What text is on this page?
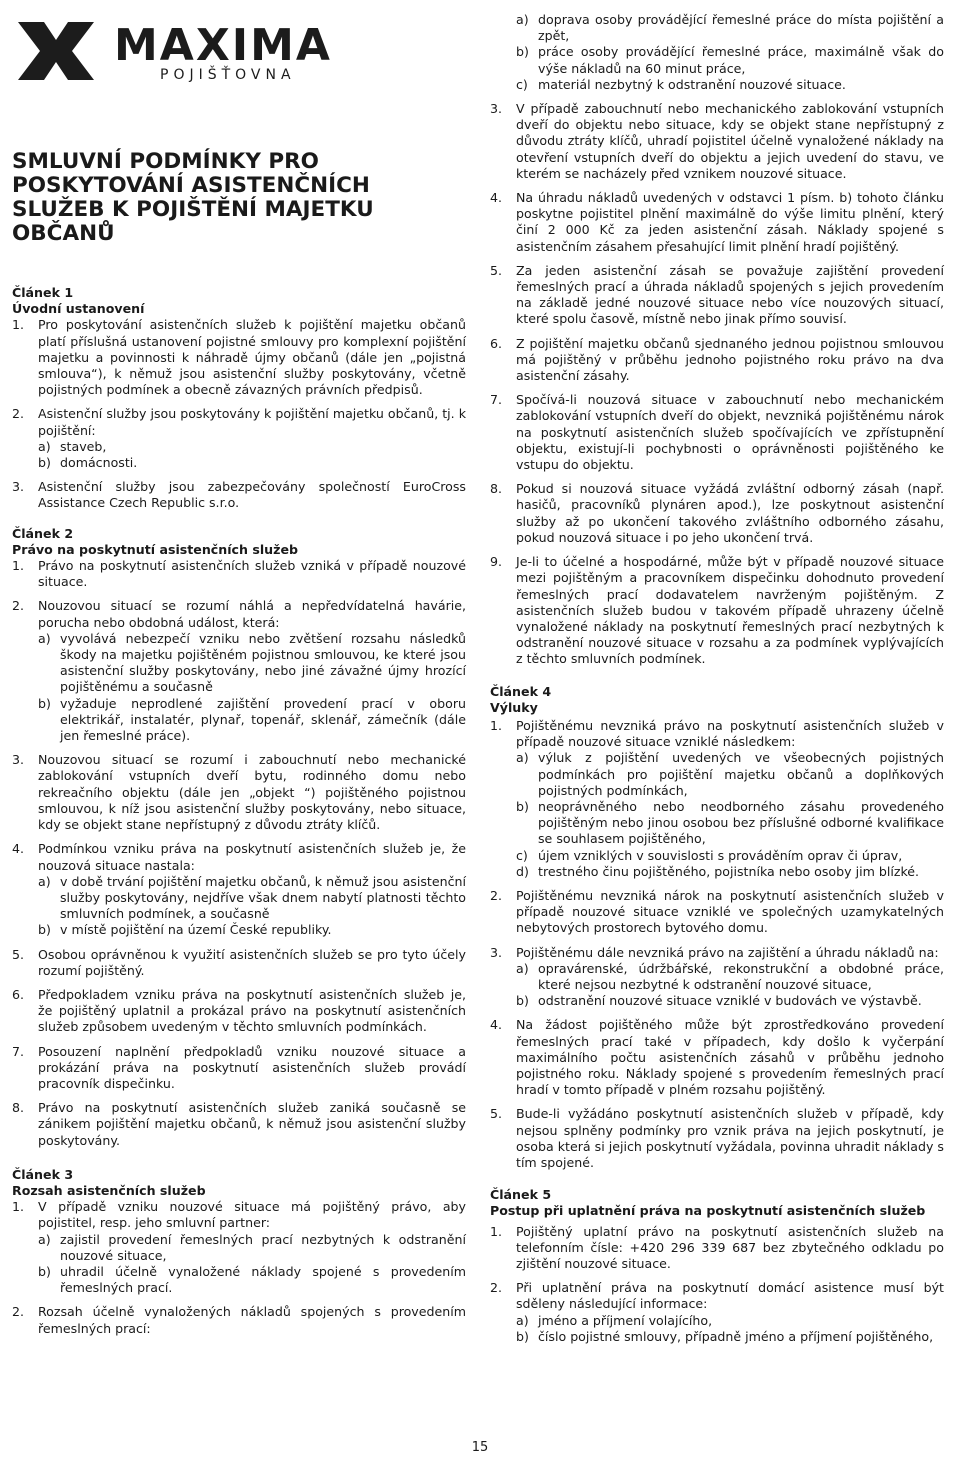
MAXIMA
POJIŠŤOVNA
SMLUVNÍ PODMÍNKY PRO POSKYTOVÁNÍ ASISTENČNÍCH SLUŽEB K POJIŠTĚNÍ MAJETKU OBČANŮ
Článek 1
Úvodní ustanovení
1.	Pro poskytování asistenčních služeb k pojištění majetku občanů platí příslušná ustanovení pojistné smlouvy pro komplexní pojištění majetku a povinnosti k náhradě újmy občanů (dále jen „pojistná smlouva“), k němuž jsou asistenční služby poskytovány, včetně pojistných podmínek a obecně závazných právních předpisů.
2.	Asistenční služby jsou poskytovány k pojištění majetku občanů, tj. k pojištění:
a) staveb,
b) domácnosti.
3.	Asistenční služby jsou zabezpečovány společností EuroCross Assistance Czech Republic s.r.o.
Článek 2
Právo na poskytnutí asistenčních služeb
1.	Právo na poskytnutí asistenčních služeb vzniká v případě nouzové situace.
2.	Nouzovou situací se rozumí náhlá a nepředvídatelná havárie, porucha nebo obdobná událost, která:
a) vyvolává nebezpečí vzniku nebo zvětšení rozsahu následků škody na majetku pojištěném pojistnou smlouvou, ke které jsou asistenční služby poskytovány, nebo jiné závažné újmy hrozící pojištěnému a současně
b) vyžaduje neprodlené zajištění provedení prací v oboru elektrikář, instalatér, plynař, topenář, sklenář, zámečník (dále jen řemeslné práce).
3.	Nouzovou situací se rozumí i zabouchnutí nebo mechanické zablokování vstupních dveří bytu, rodinného domu nebo rekreačního objektu (dále jen „objekt “) pojištěného pojistnou smlouvou, k níž jsou asistenční služby poskytovány, nebo situace, kdy se objekt stane nepřístupný z důvodu ztráty klíčů.
4.	Podmínkou vzniku práva na poskytnutí asistenčních služeb je, že nouzová situace nastala:
a) v době trvání pojištění majetku občanů, k němuž jsou asistenční služby poskytovány, nejdříve však dnem nabytí platnosti těchto smluvních podmínek, a současně
b) v místě pojištění na území České republiky.
5.	Osobou oprávněnou k využití asistenčních služeb se pro tyto účely rozumí pojištěný.
6.	Předpokladem vzniku práva na poskytnutí asistenčních služeb je, že pojištěný uplatnil a prokázal právo na poskytnutí asistenčních služeb způsobem uvedeným v těchto smluvních podmínkách.
7.	Posouzení naplnění předpokladů vzniku nouzové situace a prokázání práva na poskytnutí asistenčních služeb provádí pracovník dispečinku.
8.	Právo na poskytnutí asistenčních služeb zaniká současně se zánikem pojištění majetku občanů, k němuž jsou asistenční služby poskytovány.
Článek 3
Rozsah asistenčních služeb
1.	V případě vzniku nouzové situace má pojištěný právo, aby pojistitel, resp. jeho smluvní partner:
a) zajistil provedení řemeslných prací nezbytných k odstranění nouzové situace,
b) uhradil účelně vynaložené náklady spojené s provedením řemeslných prací.
2.	Rozsah účelně vynaložených nákladů spojených s provedením řemeslných prací:
a) doprava osoby provádějící řemeslné práce do místa pojištění a zpět,
b) práce osoby provádějící řemeslné práce, maximálně však do výše nákladů na 60 minut práce,
c) materiál nezbytný k odstranění nouzové situace.
3.	V případě zabouchnutí nebo mechanického zablokování vstupních dveří do objektu nebo situace, kdy se objekt stane nepřístupný z důvodu ztráty klíčů, uhradí pojistitel účelně vynaložené náklady na otevření vstupních dveří do objektu a jejich uvedení do stavu, ve kterém se nacházely před vznikem nouzové situace.
4.	Na úhradu nákladů uvedených v odstavci 1 písm. b) tohoto článku poskytne pojistitel plnění maximálně do výše limitu plnění, který činí 2 000 Kč za jeden asistenční zásah. Náklady spojené s asistenčním zásahem přesahující limit plnění hradí pojištěný.
5.	Za jeden asistenční zásah se považuje zajištění provedení řemeslných prací a úhrada nákladů spojených s jejich provedením na základě jedné nouzové situace nebo více nouzových situací, které spolu časově, místně nebo jinak přímo souvisí.
6.	Z pojištění majetku občanů sjednaného jednou pojistnou smlouvou má pojištěný v průběhu jednoho pojistného roku právo na dva asistenční zásahy.
7.	Spočívá-li nouzová situace v zabouchnutí nebo mechanickém zablokování vstupních dveří do objekt, nevzniká pojištěnému nárok na poskytnutí asistenčních služeb spočívajících ve zpřístupnění objektu, existují-li pochybnosti o oprávněnosti pojištěného ke vstupu do objektu.
8.	Pokud si nouzová situace vyžádá zvláštní odborný zásah (např. hasičů, pracovníků plynáren apod.), lze poskytnout asistenční služby až po ukončení takového zvláštního odborného zásahu, pokud nouzová situace i po jeho ukončení trvá.
9.	Je-li to účelné a hospodárné, může být v případě nouzové situace mezi pojištěným a pracovníkem dispečinku dohodnuto provedení řemeslných prací dodavatelem navrženým pojištěným. Z asistenčních služeb budou v takovém případě uhrazeny účelně vynaložené náklady na poskytnutí řemeslných prací nezbytných k odstranění nouzové situace v rozsahu a za podmínek vyplývajících z těchto smluvních podmínek.
Článek 4
Výluky
1.	Pojištěnému nevzniká právo na poskytnutí asistenčních služeb v případě nouzové situace vzniklé následkem:
a) výluk z pojištění uvedených ve všeobecných pojistných podmínkách pro pojištění majetku občanů a doplňkových pojistných podmínkách,
b) neoprávněného nebo neodborného zásahu provedeného pojištěným nebo jinou osobou bez příslušné odborné kvalifikace se souhlasem pojištěného,
c) újem vzniklých v souvislosti s prováděním oprav či úprav,
d) trestného činu pojištěného, pojistníka nebo osoby jim blízké.
2.	Pojištěnému nevzniká nárok na poskytnutí asistenčních služeb v případě nouzové situace vzniklé ve společných uzamykatelných nebytových prostorech bytového domu.
3.	Pojištěnému dále nevzniká právo na zajištění a úhradu nákladů na:
a) opravárenské, údržbářské, rekonstrukční a obdobné práce, které nejsou nezbytné k odstranění nouzové situace,
b) odstranění nouzové situace vzniklé v budovách ve výstavbě.
4.	Na žádost pojištěného může být zprostředkováno provedení řemeslných prací také v případech, kdy došlo k vyčerpání maximálního počtu asistenčních zásahů v průběhu jednoho pojistného roku. Náklady spojené s provedením řemeslných prací hradí v tomto případě v plném rozsahu pojištěný.
5.	Bude-li vyžádáno poskytnutí asistenčních služeb v případě, kdy nejsou splněny podmínky pro vznik práva na jejich poskytnutí, je osoba která si jejich poskytnutí vyžádala, povinna uhradit náklady s tím spojené.
Článek 5
Postup při uplatnění práva na poskytnutí asistenčních služeb
1.	Pojištěný uplatní právo na poskytnutí asistenčních služeb na telefonním čísle: +420 296 339 687 bez zbytečného odkladu po zjištění nouzové situace.
2.	Při uplatnění práva na poskytnutí domácí asistence musí být sděleny následující informace:
a) jméno a příjmení volajícího,
b) číslo pojistné smlouvy, případně jméno a příjmení pojištěného,
15
